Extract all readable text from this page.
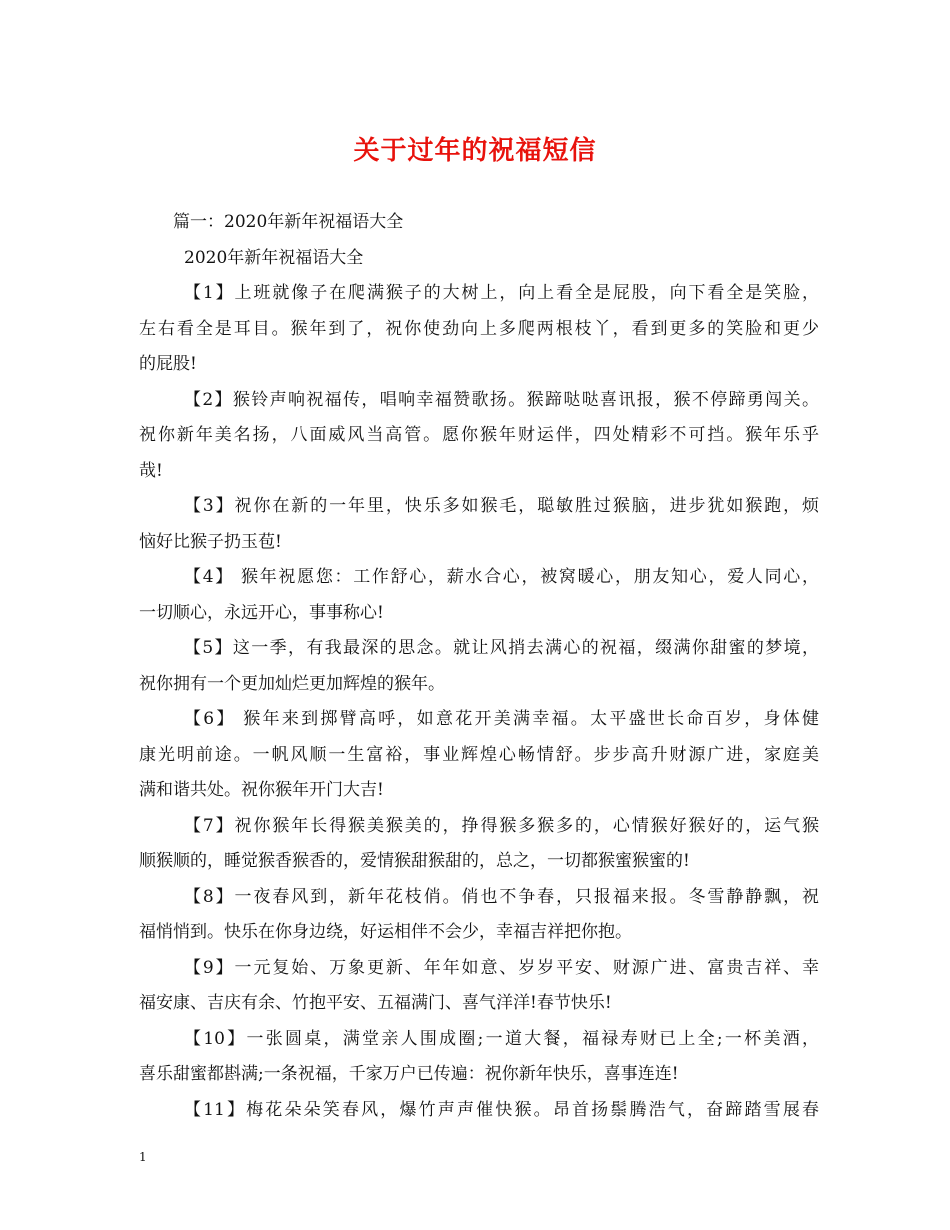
关于过年的祝福短信
篇一：2020年新年祝福语大全
2020年新年祝福语大全
【1】上班就像子在爬满猴子的大树上，向上看全是屁股，向下看全是笑脸，
左右看全是耳目。猴年到了，祝你使劲向上多爬两根枝丫，看到更多的笑脸和更少
的屁股!
【2】猴铃声响祝福传，唱响幸福赞歌扬。猴蹄哒哒喜讯报，猴不停蹄勇闯关。
祝你新年美名扬，八面威风当高管。愿你猴年财运伴，四处精彩不可挡。猴年乐乎
哉!
【3】祝你在新的一年里，快乐多如猴毛，聪敏胜过猴脑，进步犹如猴跑，烦
恼好比猴子扔玉苞!
【4】 猴年祝愿您：工作舒心，薪水合心，被窝暖心，朋友知心，爱人同心，
一切顺心，永远开心，事事称心!
【5】这一季，有我最深的思念。就让风捎去满心的祝福，缀满你甜蜜的梦境，
祝你拥有一个更加灿烂更加辉煌的猴年。
【6】 猴年来到掷臂高呼，如意花开美满幸福。太平盛世长命百岁，身体健
康光明前途。一帆风顺一生富裕，事业辉煌心畅情舒。步步高升财源广进，家庭美
满和谐共处。祝你猴年开门大吉!
【7】祝你猴年长得猴美猴美的，挣得猴多猴多的，心情猴好猴好的，运气猴
顺猴顺的，睡觉猴香猴香的，爱情猴甜猴甜的，总之，一切都猴蜜猴蜜的!
【8】一夜春风到，新年花枝俏。俏也不争春，只报福来报。冬雪静静飘，祝
福悄悄到。快乐在你身边绕，好运相伴不会少，幸福吉祥把你抱。
【9】一元复始、万象更新、年年如意、岁岁平安、财源广进、富贵吉祥、幸
福安康、吉庆有余、竹抱平安、五福满门、喜气洋洋!春节快乐!
【10】一张圆桌，满堂亲人围成圈;一道大餐，福禄寿财已上全;一杯美酒，
喜乐甜蜜都斟满;一条祝福，千家万户已传遍：祝你新年快乐，喜事连连!
【11】梅花朵朵笑春风，爆竹声声催快猴。昂首扬鬃腾浩气，奋蹄踏雪展春
1
